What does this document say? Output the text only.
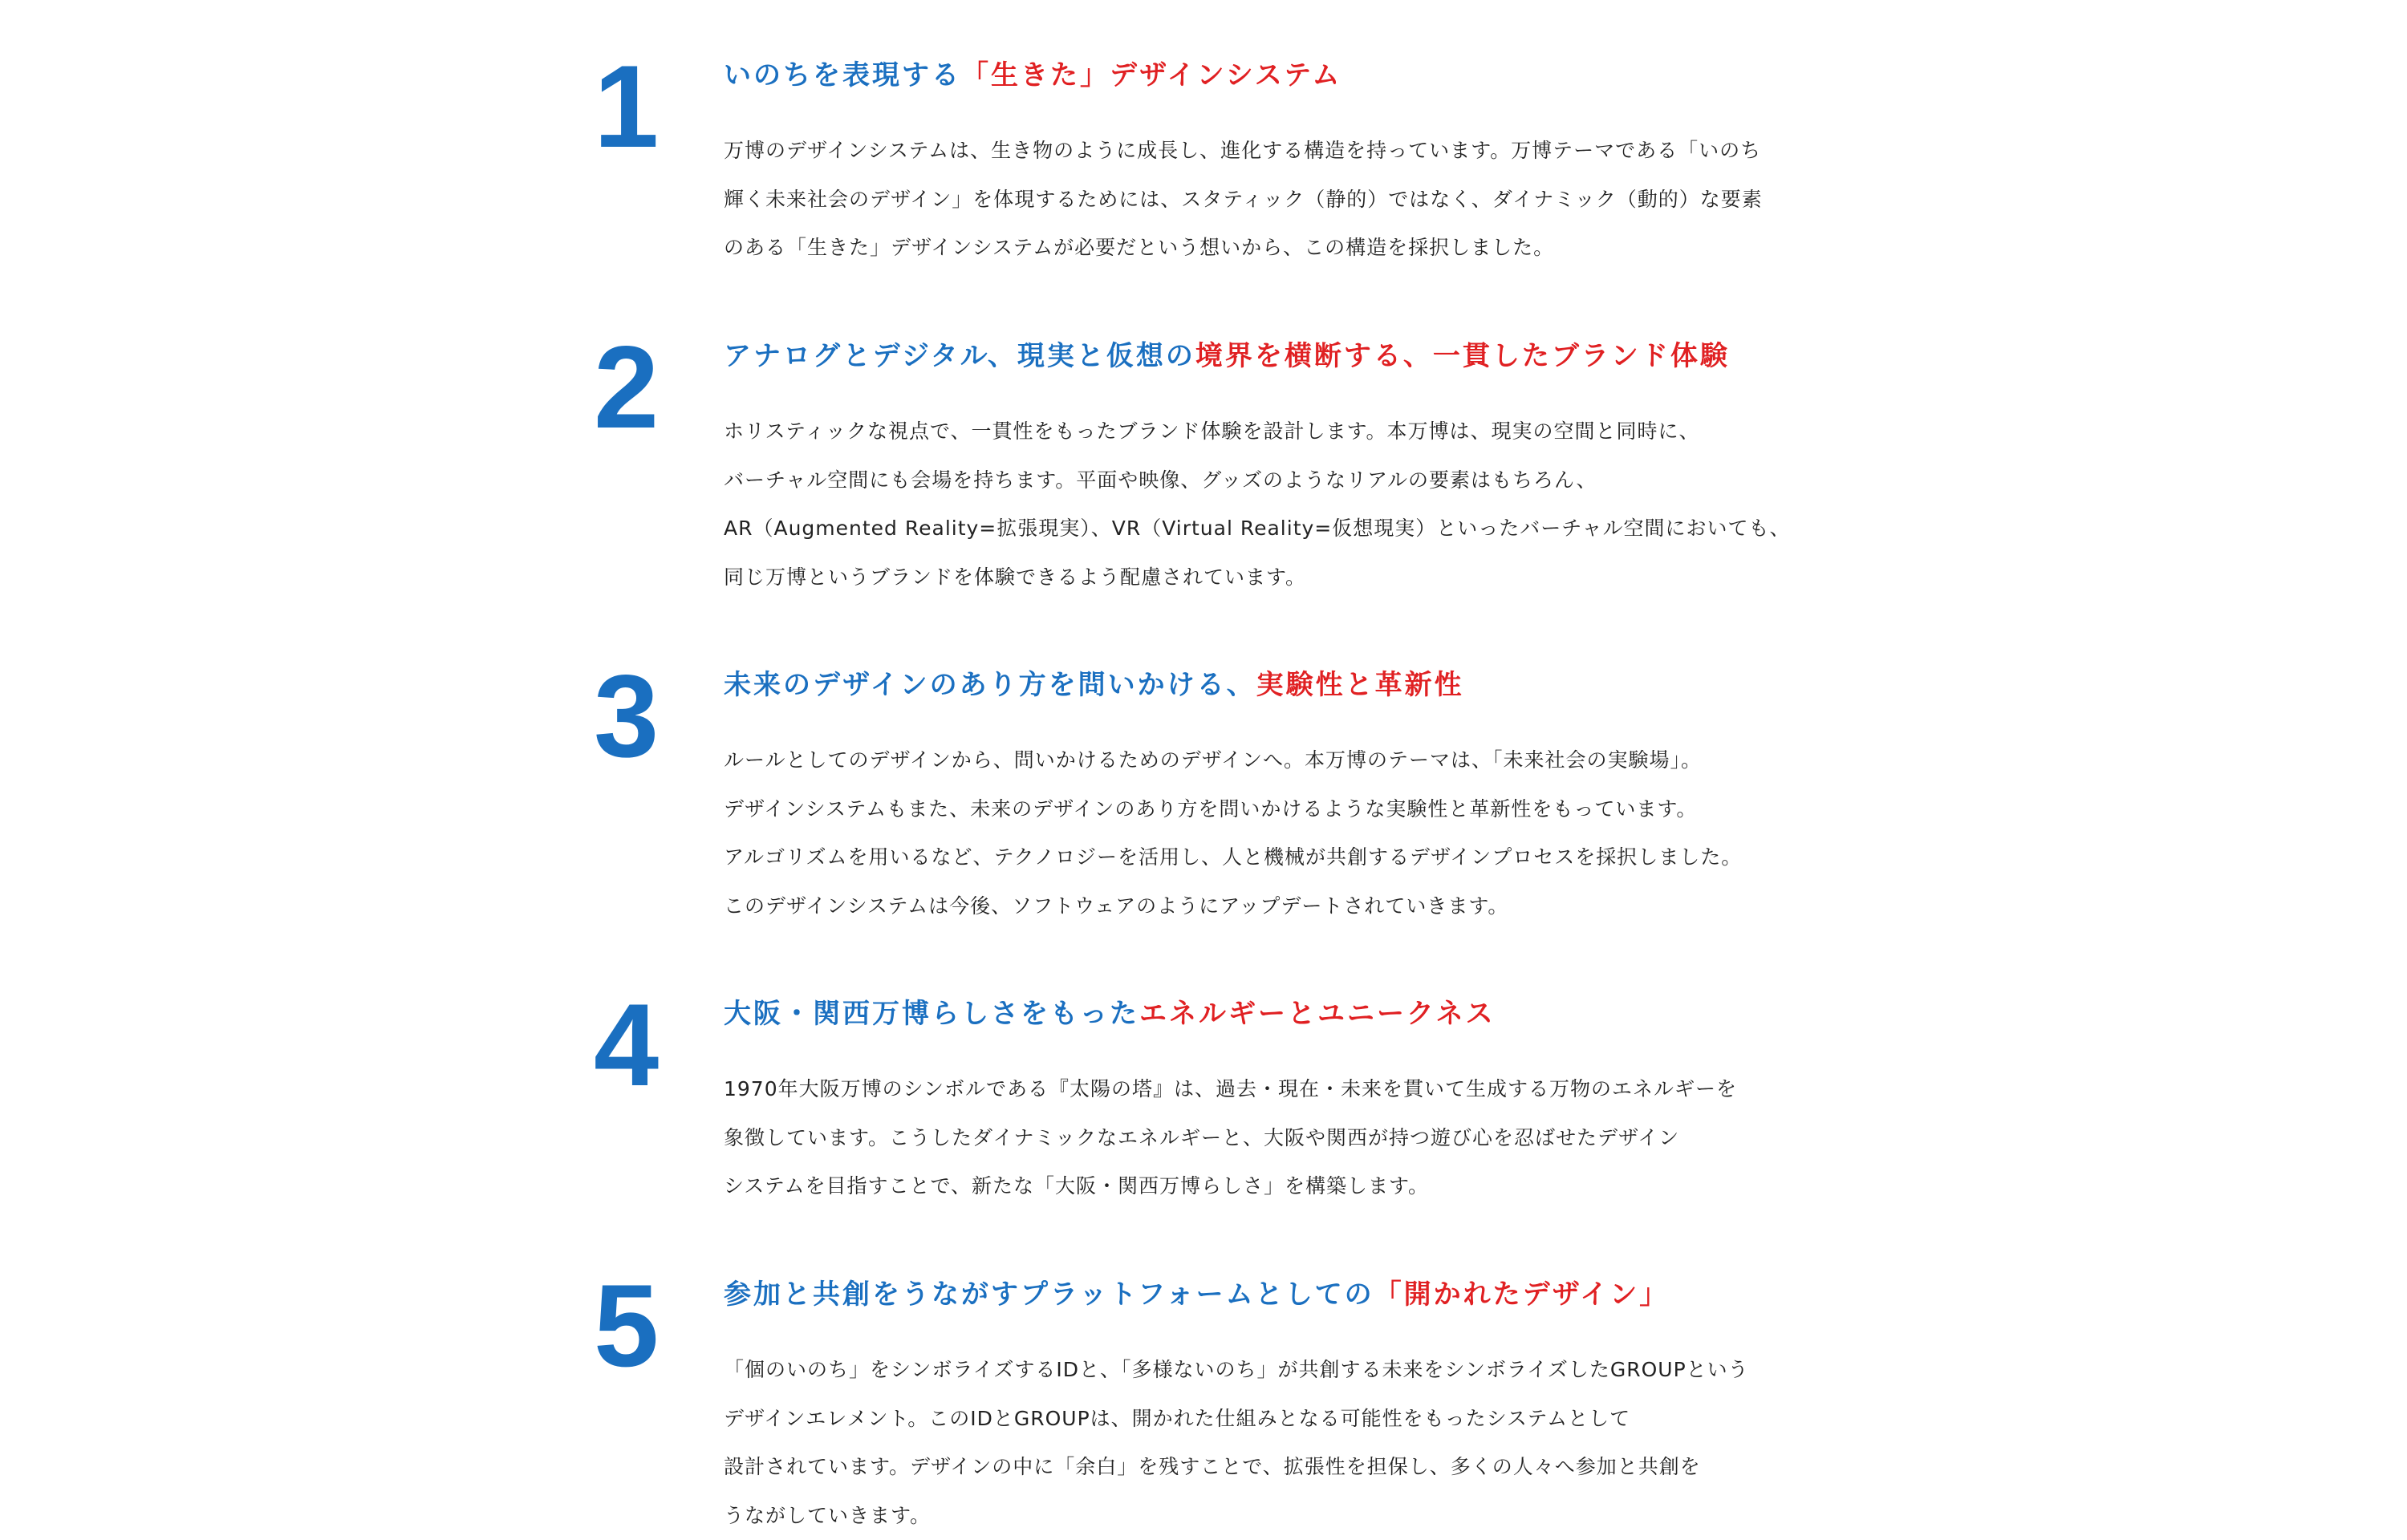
1	いのちを表現する「生きた」デザインシステム
万博のデザインシステムは、生き物のように成長し、進化する構造を持っています。万博テーマである「いのち
輝く未来社会のデザイン」を体現するためには、スタティック（静的）ではなく、ダイナミック（動的）な要素
のある「生きた」デザインシステムが必要だという想いから、この構造を採択しました。
2	アナログとデジタル、現実と仮想の境界を横断する、一貫したブランド体験
ホリスティックな視点で、一貫性をもったブランド体験を設計します。本万博は、現実の空間と同時に、
バーチャル空間にも会場を持ちます。平面や映像、グッズのようなリアルの要素はもちろん、
AR（Augmented Reality=拡張現実）、VR（Virtual Reality=仮想現実）といったバーチャル空間においても、
同じ万博というブランドを体験できるよう配慮されています。
3	未来のデザインのあり方を問いかける、実験性と革新性
ルールとしてのデザインから、問いかけるためのデザインへ。本万博のテーマは、「未来社会の実験場」。
デザインシステムもまた、未来のデザインのあり方を問いかけるような実験性と革新性をもっています。
アルゴリズムを用いるなど、テクノロジーを活用し、人と機械が共創するデザインプロセスを採択しました。
このデザインシステムは今後、ソフトウェアのようにアップデートされていきます。
4	大阪・関西万博らしさをもったエネルギーとユニークネス
1970年大阪万博のシンボルである『太陽の塔』は、過去・現在・未来を貫いて生成する万物のエネルギーを
象徴しています。こうしたダイナミックなエネルギーと、大阪や関西が持つ遊び心を忍ばせたデザイン
システムを目指すことで、新たな「大阪・関西万博らしさ」を構築します。
5	参加と共創をうながすプラットフォームとしての「開かれたデザイン」
「個のいのち」をシンボライズするIDと、「多様ないのち」が共創する未来をシンボライズしたGROUPという
デザインエレメント。このIDとGROUPは、開かれた仕組みとなる可能性をもったシステムとして
設計されています。デザインの中に「余白」を残すことで、拡張性を担保し、多くの人々へ参加と共創を
うながしていきます。
